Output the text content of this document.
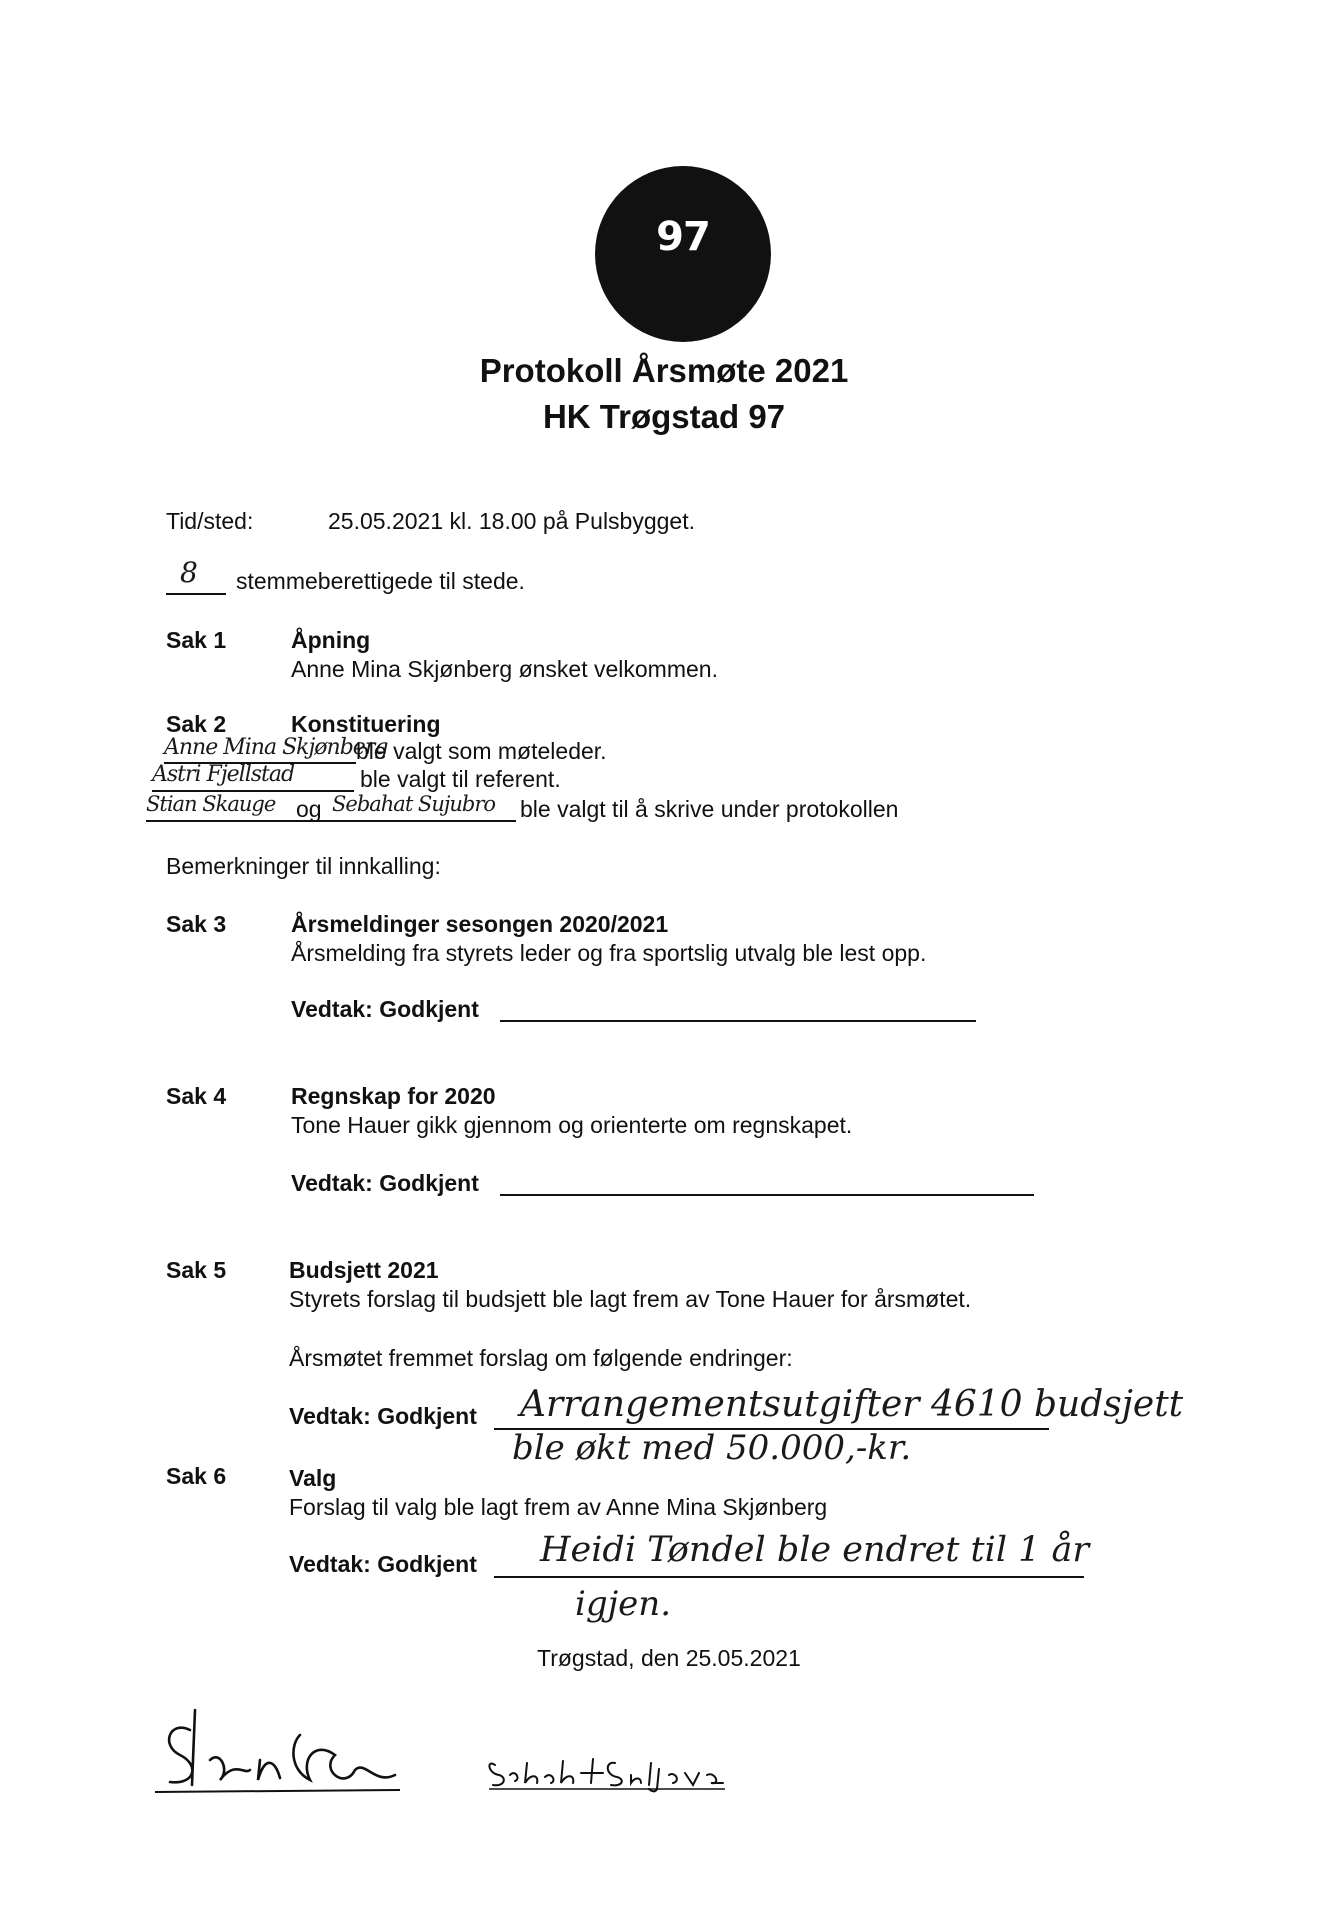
97
Protokoll Årsmøte 2021
HK Trøgstad 97
Tid/sted:	25.05.2021 kl. 18.00 på Pulsbygget.
8 stemmeberettigede til stede.
Sak 1	Åpning
Anne Mina Skjønberg ønsket velkommen.
Sak 2	Konstituering
Anne Mina Skjønberg
ble valgt som møteleder.
Astri Fjellstad	ble valgt til referent.
Stian Skauge og Sebahat Sujubro ble valgt til å skrive under protokollen
Bemerkninger til innkalling:
Sak 3	Årsmeldinger sesongen 2020/2021
Årsmelding fra styrets leder og fra sportslig utvalg ble lest opp.
Vedtak: Godkjent
Sak 4	Regnskap for 2020
Tone Hauer gikk gjennom og orienterte om regnskapet.
Vedtak: Godkjent
Sak 5	Budsjett 2021
Styrets forslag til budsjett ble lagt frem av Tone Hauer for årsmøtet.
Årsmøtet fremmet forslag om følgende endringer:
Vedtak: Godkjent Arrangementsutgifter 4610 budsjett
ble økt med 50.000,-kr.
Sak 6	Valg
Forslag til valg ble lagt frem av Anne Mina Skjønberg
Vedtak: Godkjent Heidi Tøndel ble endret til 1 år
igjen.
Trøgstad, den 25.05.2021
